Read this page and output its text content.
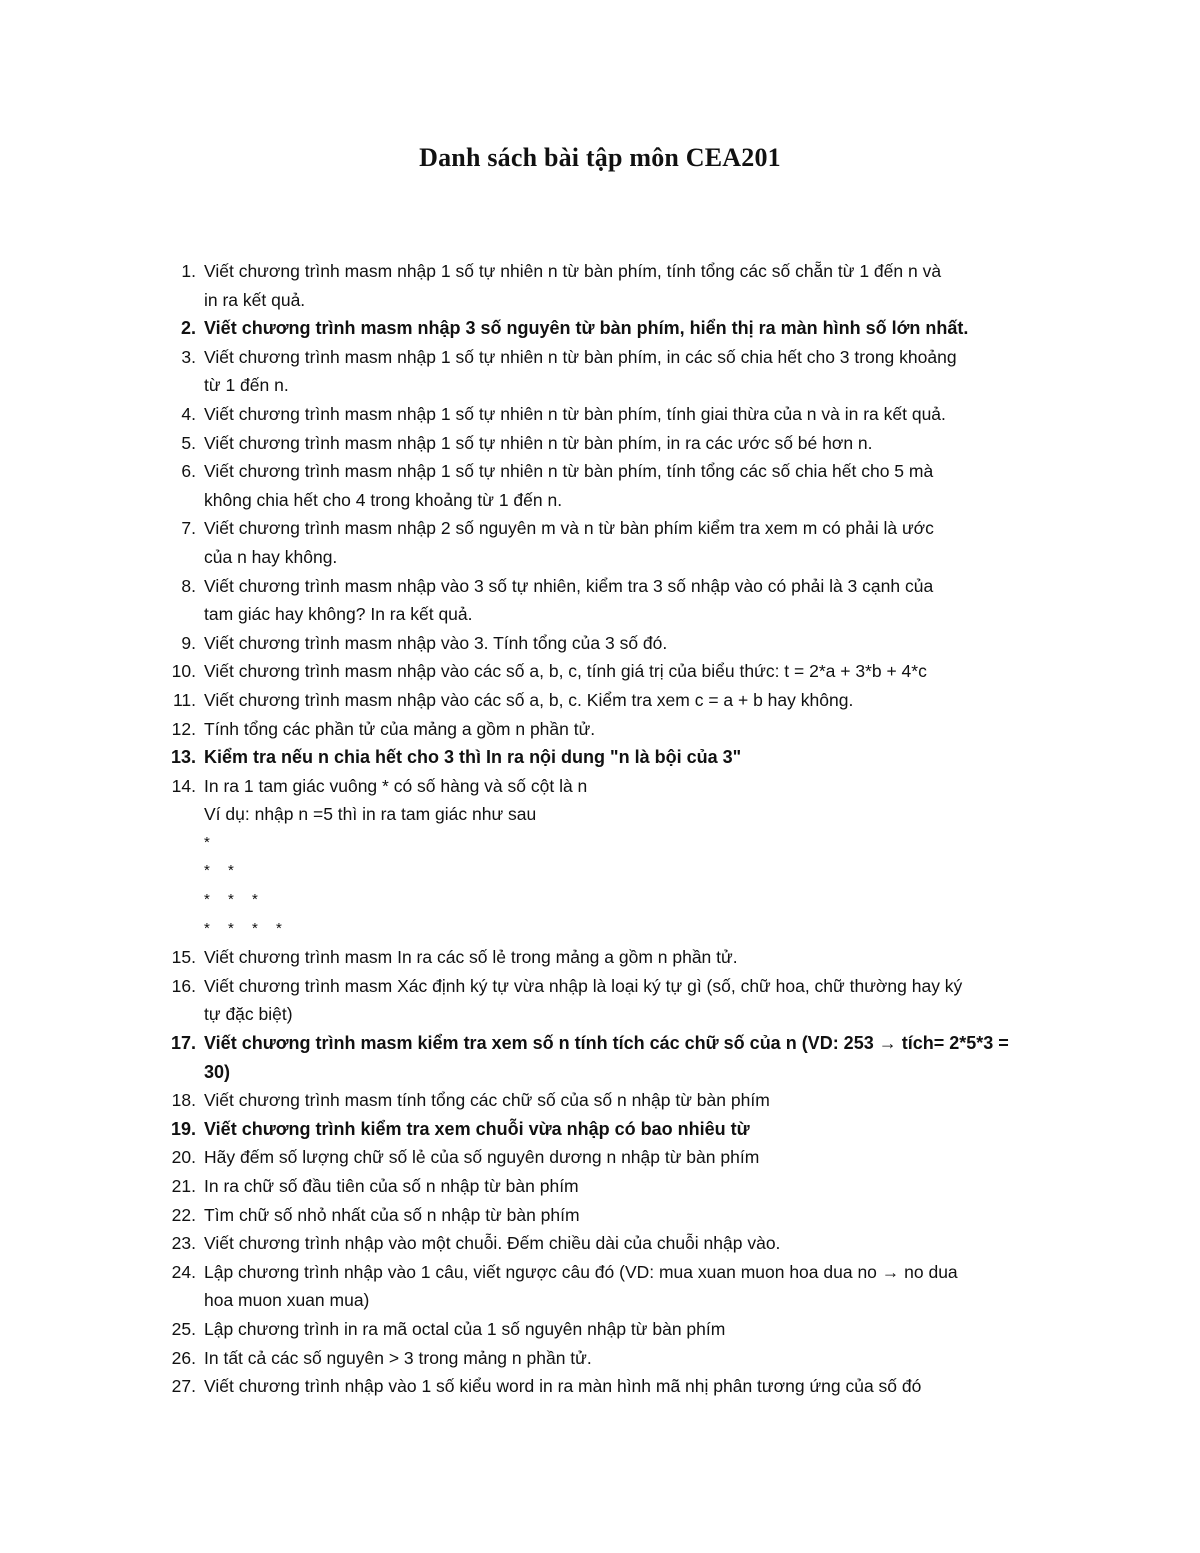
Danh sách bài tập môn CEA201
1. Viết chương trình masm nhập 1 số tự nhiên n từ bàn phím, tính tổng các số chẵn từ 1 đến n và
in ra kết quả.
2. Viết chương trình masm nhập 3 số nguyên từ bàn phím, hiển thị ra màn hình số lớn nhất.
3. Viết chương trình masm nhập 1 số tự nhiên n từ bàn phím, in các số chia hết cho 3 trong khoảng
từ 1 đến n.
4. Viết chương trình masm nhập 1 số tự nhiên n từ bàn phím, tính giai thừa của n và in ra kết quả.
5. Viết chương trình masm nhập 1 số tự nhiên n từ bàn phím, in ra các ước số bé hơn n.
6. Viết chương trình masm nhập 1 số tự nhiên n từ bàn phím, tính tổng các số chia hết cho 5 mà
không chia hết cho 4 trong khoảng từ 1 đến n.
7. Viết chương trình masm nhập 2 số nguyên m và n từ bàn phím kiểm tra xem m có phải là ước
của n hay không.
8. Viết chương trình masm nhập vào 3 số tự nhiên, kiểm tra 3 số nhập vào có phải là 3 cạnh của
tam giác hay không? In ra kết quả.
9. Viết chương trình masm nhập vào 3. Tính tổng của 3 số đó.
10. Viết chương trình masm nhập vào các số a, b, c, tính giá trị của biểu thức: t = 2*a + 3*b + 4*c
11. Viết chương trình masm nhập vào các số a, b, c. Kiểm tra xem c = a + b hay không.
12. Tính tổng các phần tử của mảng a gồm n phần tử.
13. Kiểm tra nếu n chia hết cho 3 thì In ra nội dung "n là bội của 3"
14. In ra 1 tam giác vuông * có số hàng và số cột là n
Ví dụ: nhập n =5 thì in ra tam giác như sau
*
* *
* * *
* * * *
15. Viết chương trình masm In ra các số lẻ trong mảng a gồm n phần tử.
16. Viết chương trình masm Xác định ký tự vừa nhập là loại ký tự gì (số, chữ hoa, chữ thường hay ký
tự đặc biệt)
17. Viết chương trình masm kiểm tra xem số n tính tích các chữ số của n (VD: 253 → tích= 2*5*3 =
30)
18. Viết chương trình masm tính tổng các chữ số của số n nhập từ bàn phím
19. Viết chương trình kiểm tra xem chuỗi vừa nhập có bao nhiêu từ
20. Hãy đếm số lượng chữ số lẻ của số nguyên dương n nhập từ bàn phím
21. In ra chữ số đầu tiên của số n nhập từ bàn phím
22. Tìm chữ số nhỏ nhất của số n nhập từ bàn phím
23. Viết chương trình nhập vào một chuỗi. Đếm chiều dài của chuỗi nhập vào.
24. Lập chương trình nhập vào 1 câu, viết ngược câu đó (VD: mua xuan muon hoa dua no → no dua
hoa muon xuan mua)
25. Lập chương trình in ra mã octal của 1 số nguyên nhập từ bàn phím
26. In tất cả các số nguyên > 3 trong mảng n phần tử.
27. Viết chương trình nhập vào 1 số kiểu word in ra màn hình mã nhị phân tương ứng của số đó
